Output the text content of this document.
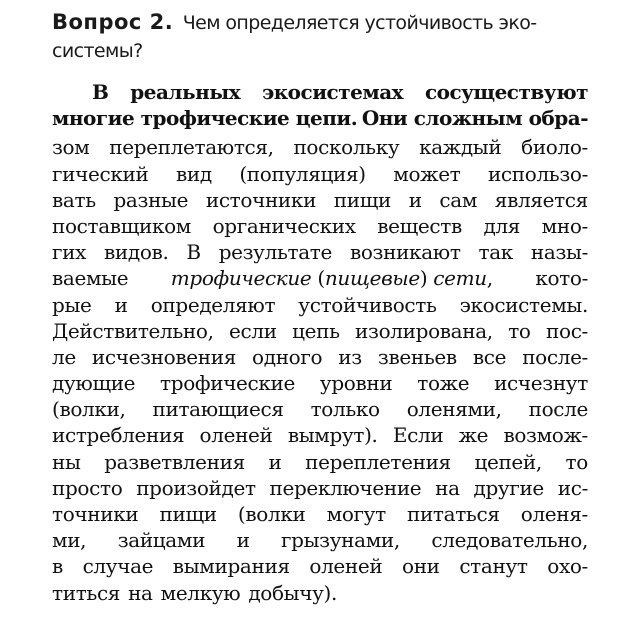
Вопрос 2. Чем определяется устойчивость эко-
системы?
В реальных экосистемах сосуществуют
многие трофические цепи. Они сложным обра-
зом переплетаются, поскольку каждый биоло-
гический вид (популяция) может использо-
вать разные источники пищи и сам является
поставщиком органических веществ для мно-
гих видов. В результате возникают так назы-
ваемые трофические (пищевые) сети, кото-
рые и определяют устойчивость экосистемы.
Действительно, если цепь изолирована, то пос-
ле исчезновения одного из звеньев все после-
дующие трофические уровни тоже исчезнут
(волки, питающиеся только оленями, после
истребления оленей вымрут). Если же возмож-
ны разветвления и переплетения цепей, то
просто произойдет переключение на другие ис-
точники пищи (волки могут питаться оленя-
ми, зайцами и грызунами, следовательно,
в случае вымирания оленей они станут охо-
титься на мелкую добычу).
